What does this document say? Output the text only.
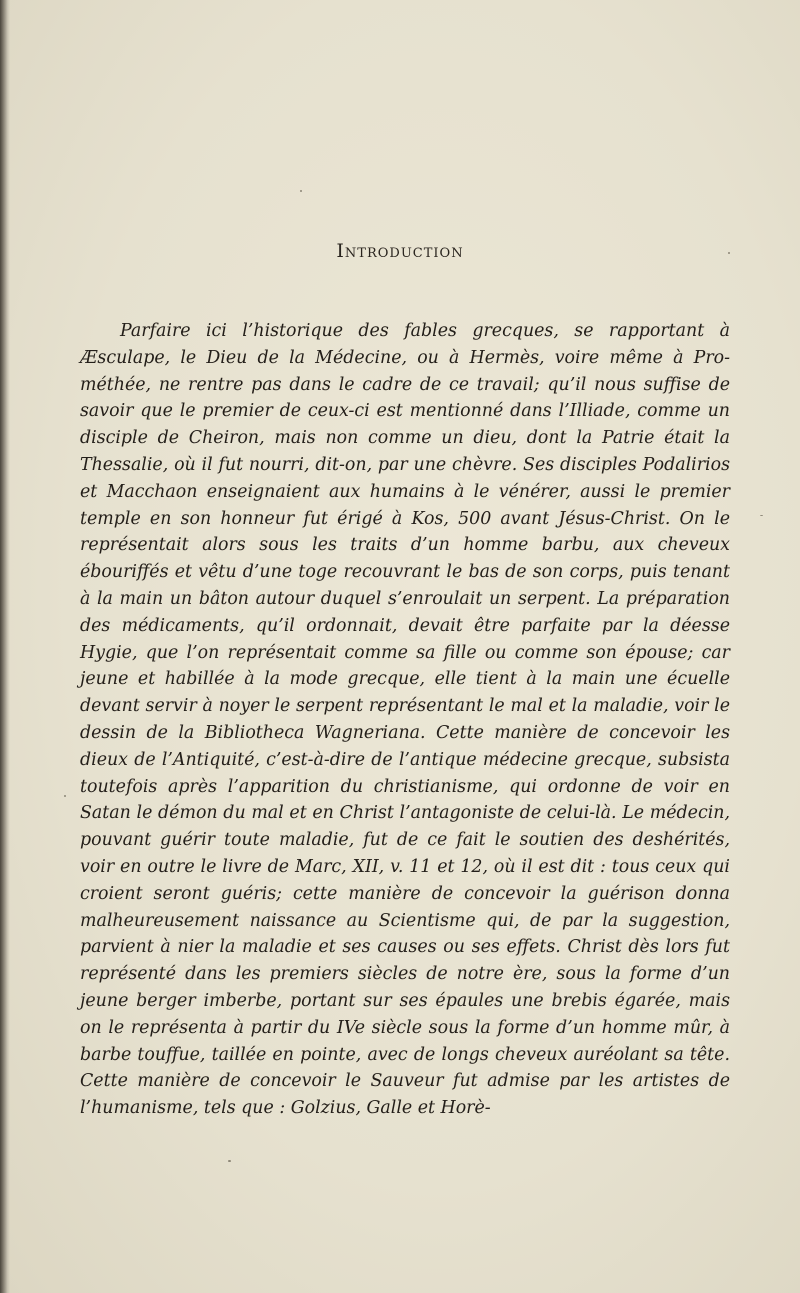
Introduction

Parfaire ici l’historique des fables grecques, se rapportant à Æsculape, le Dieu de la Médecine, ou à Hermès, voire même à Prométhée, ne rentre pas dans le cadre de ce travail; qu’il nous suffise de savoir que le premier de ceux-ci est mentionné dans l’Illiade, comme un disciple de Cheiron, mais non comme un dieu, dont la Patrie était la Thessalie, où il fut nourri, dit-on, par une chèvre. Ses disciples Podalirios et Macchaon enseignaient aux humains à le vénérer, aussi le premier temple en son honneur fut érigé à Kos, 500 avant Jésus-Christ. On le représentait alors sous les traits d’un homme barbu, aux cheveux ébouriffés et vêtu d’une toge recouvrant le bas de son corps, puis tenant à la main un bâton autour duquel s’enroulait un serpent. La préparation des médicaments, qu’il ordonnait, devait être parfaite par la déesse Hygie, que l’on représentait comme sa fille ou comme son épouse; car jeune et habillée à la mode grecque, elle tient à la main une écuelle devant servir à noyer le serpent représentant le mal et la maladie, voir le dessin de la Bibliotheca Wagneriana. Cette manière de concevoir les dieux de l’Antiquité, c’est-à-dire de l’antique médecine grecque, subsista toutefois après l’apparition du christianisme, qui ordonne de voir en Satan le démon du mal et en Christ l’antagoniste de celui-là. Le médecin, pouvant guérir toute maladie, fut de ce fait le soutien des deshérités, voir en outre le livre de Marc, XII, v. 11 et 12, où il est dit : tous ceux qui croient seront guéris; cette manière de concevoir la guérison donna malheureusement naissance au Scientisme qui, de par la suggestion, parvient à nier la maladie et ses causes ou ses effets. Christ dès lors fut représenté dans les premiers siècles de notre ère, sous la forme d’un jeune berger imberbe, portant sur ses épaules une brebis égarée, mais on le représenta à partir du IVe siècle sous la forme d’un homme mûr, à barbe touffue, taillée en pointe, avec de longs cheveux auréolant sa tête. Cette manière de concevoir le Sauveur fut admise par les artistes de l’humanisme, tels que : Golzius, Galle et Horè-
